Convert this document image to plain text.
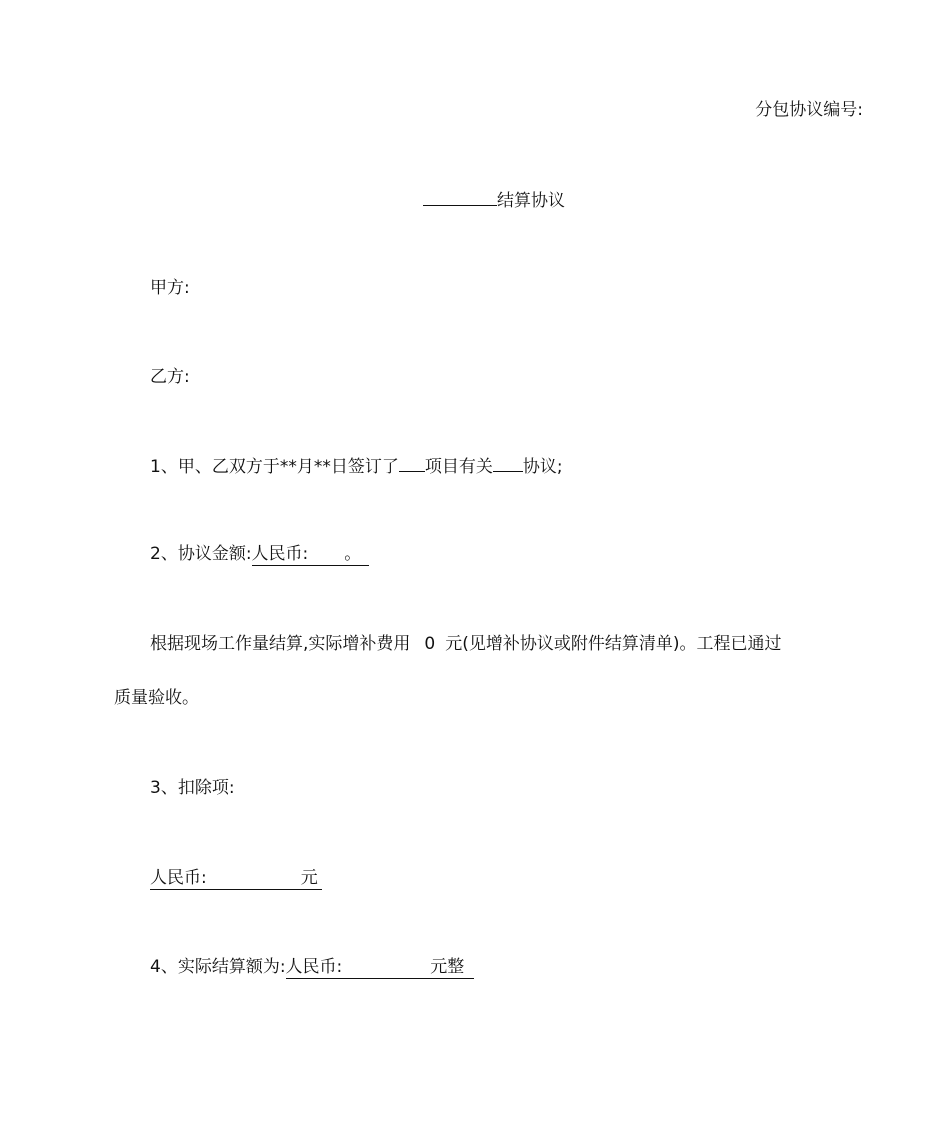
分包协议编号:
结算协议
甲方:
乙方:
1、甲、乙双方于**月**日签订了 项目有关 协议;
2、协议金额:人民币: 。
根据现场工作量结算,实际增补费用 0 元(见增补协议或附件结算清单)。工程已通过
质量验收。
3、扣除项:
人民币:	元
4、实际结算额为:人民币:	元整
